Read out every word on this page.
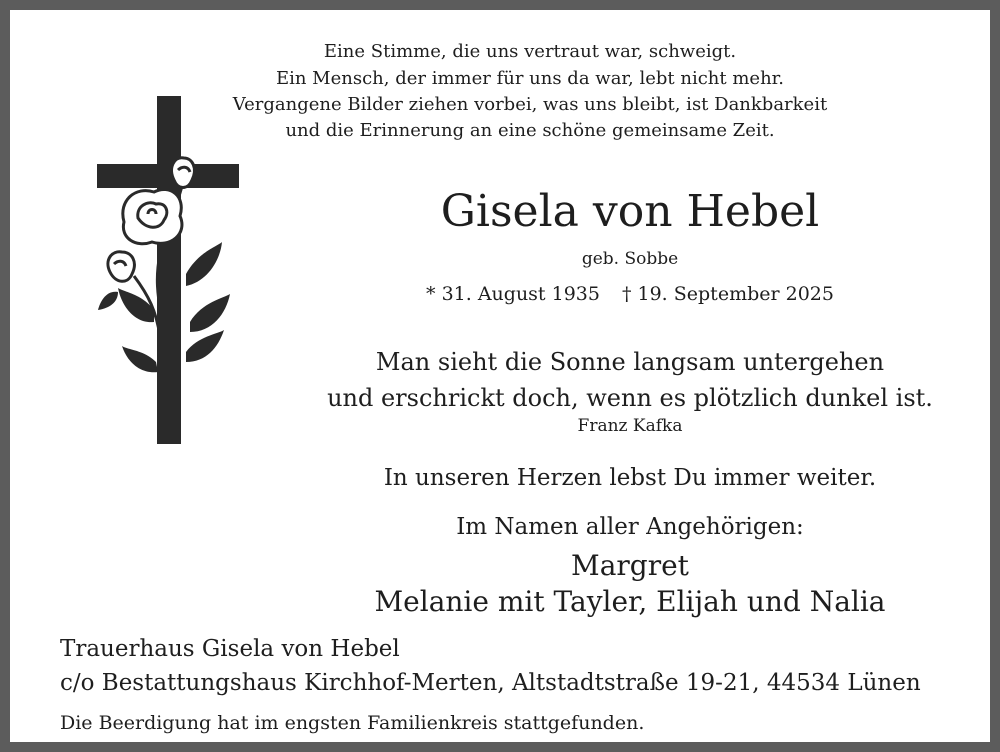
Eine Stimme, die uns vertraut war, schweigt.
Ein Mensch, der immer für uns da war, lebt nicht mehr.
Vergangene Bilder ziehen vorbei, was uns bleibt, ist Dankbarkeit
und die Erinnerung an eine schöne gemeinsame Zeit.
Gisela von Hebel
geb. Sobbe
* 31. August 1935 † 19. September 2025
Man sieht die Sonne langsam untergehen
und erschrickt doch, wenn es plötzlich dunkel ist.
Franz Kafka
In unseren Herzen lebst Du immer weiter.
Im Namen aller Angehörigen:
Margret
Melanie mit Tayler, Elijah und Nalia
Trauerhaus Gisela von Hebel
c/o Bestattungshaus Kirchhof-Merten, Altstadtstraße 19-21, 44534 Lünen
Die Beerdigung hat im engsten Familienkreis stattgefunden.
